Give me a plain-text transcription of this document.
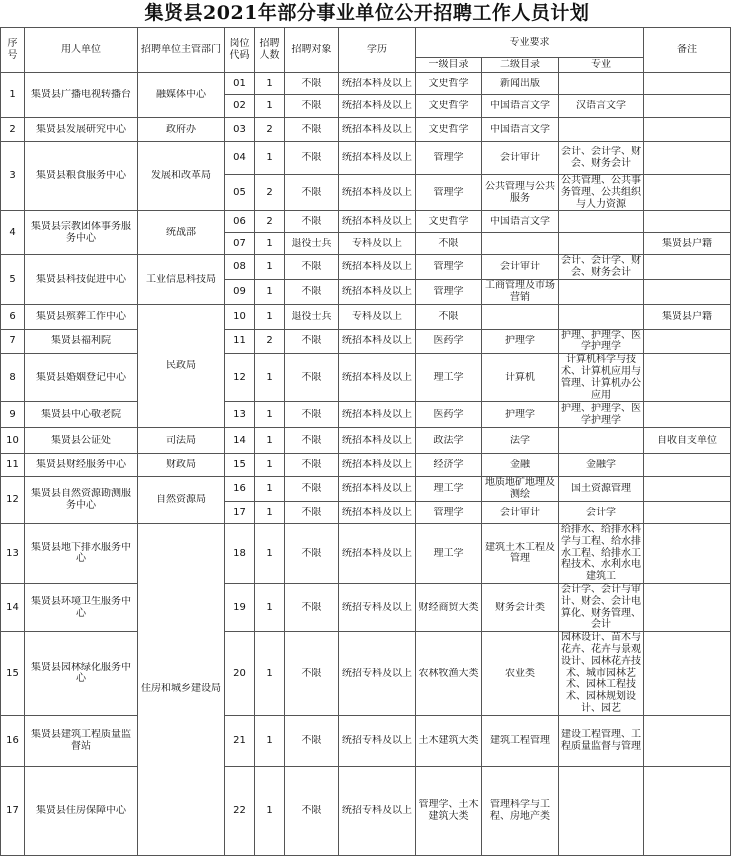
集贤县2021年部分事业单位公开招聘工作人员计划
序号	用人单位	招聘单位主管部门	岗位代码	招聘人数	招聘对象	学历	专业要求			备注

							一级目录	二级目录	专业	

1	集贤县广播电视转播台	融媒体中心	01	1	不限	统招本科及以上	文史哲学	新闻出版		

			02	1	不限	统招本科及以上	文史哲学	中国语言文学	汉语言文学	

2	集贤县发展研究中心	政府办	03	2	不限	统招本科及以上	文史哲学	中国语言文学		

3	集贤县粮食服务中心	发展和改革局	04	1	不限	统招本科及以上	管理学	会计审计	会计、会计学、财会、财务会计	

			05	2	不限	统招本科及以上	管理学	公共管理与公共服务	公共管理、公共事务管理、公共组织与人力资源	

4	集贤县宗教团体事务服务中心	统战部	06	2	不限	统招本科及以上	文史哲学	中国语言文学		

			07	1	退役士兵	专科及以上	不限			集贤县户籍

5	集贤县科技促进中心	工业信息科技局	08	1	不限	统招本科及以上	管理学	会计审计	会计、会计学、财会、财务会计	

			09	1	不限	统招本科及以上	管理学	工商管理及市场营销		

6	集贤县殡葬工作中心	民政局	10	1	退役士兵	专科及以上	不限			集贤县户籍

7	集贤县福利院		11	2	不限	统招本科及以上	医药学	护理学	护理、护理学、医学护理学	

8	集贤县婚姻登记中心		12	1	不限	统招本科及以上	理工学	计算机	计算机科学与技术、计算机应用与管理、计算机办公应用	

9	集贤县中心敬老院		13	1	不限	统招本科及以上	医药学	护理学	护理、护理学、医学护理学	

10	集贤县公证处	司法局	14	1	不限	统招本科及以上	政法学	法学		自收自支单位

11	集贤县财经服务中心	财政局	15	1	不限	统招本科及以上	经济学	金融	金融学	

12	集贤县自然资源勘测服务中心	自然资源局	16	1	不限	统招本科及以上	理工学	地质地矿地理及测绘	国土资源管理	

			17	1	不限	统招本科及以上	管理学	会计审计	会计学	

13	集贤县地下排水服务中心	住房和城乡建设局	18	1	不限	统招本科及以上	理工学	建筑土木工程及管理	给排水、给排水科学与工程、给水排水工程、给排水工程技术、水利水电建筑工	

14	集贤县环境卫生服务中心		19	1	不限	统招专科及以上	财经商贸大类	财务会计类	会计学、会计与审计、财会、会计电算化、财务管理、会计	

15	集贤县园林绿化服务中心		20	1	不限	统招专科及以上	农林牧渔大类	农业类	园林设计、苗木与花卉、花卉与景观设计、园林花卉技术、城市园林艺术、园林工程技术、园林规划设计、园艺	

16	集贤县建筑工程质量监督站		21	1	不限	统招专科及以上	土木建筑大类	建筑工程管理	建设工程管理、工程质量监督与管理	

17	集贤县住房保障中心		22	1	不限	统招专科及以上	管理学、土木建筑大类	管理科学与工程、房地产类		
